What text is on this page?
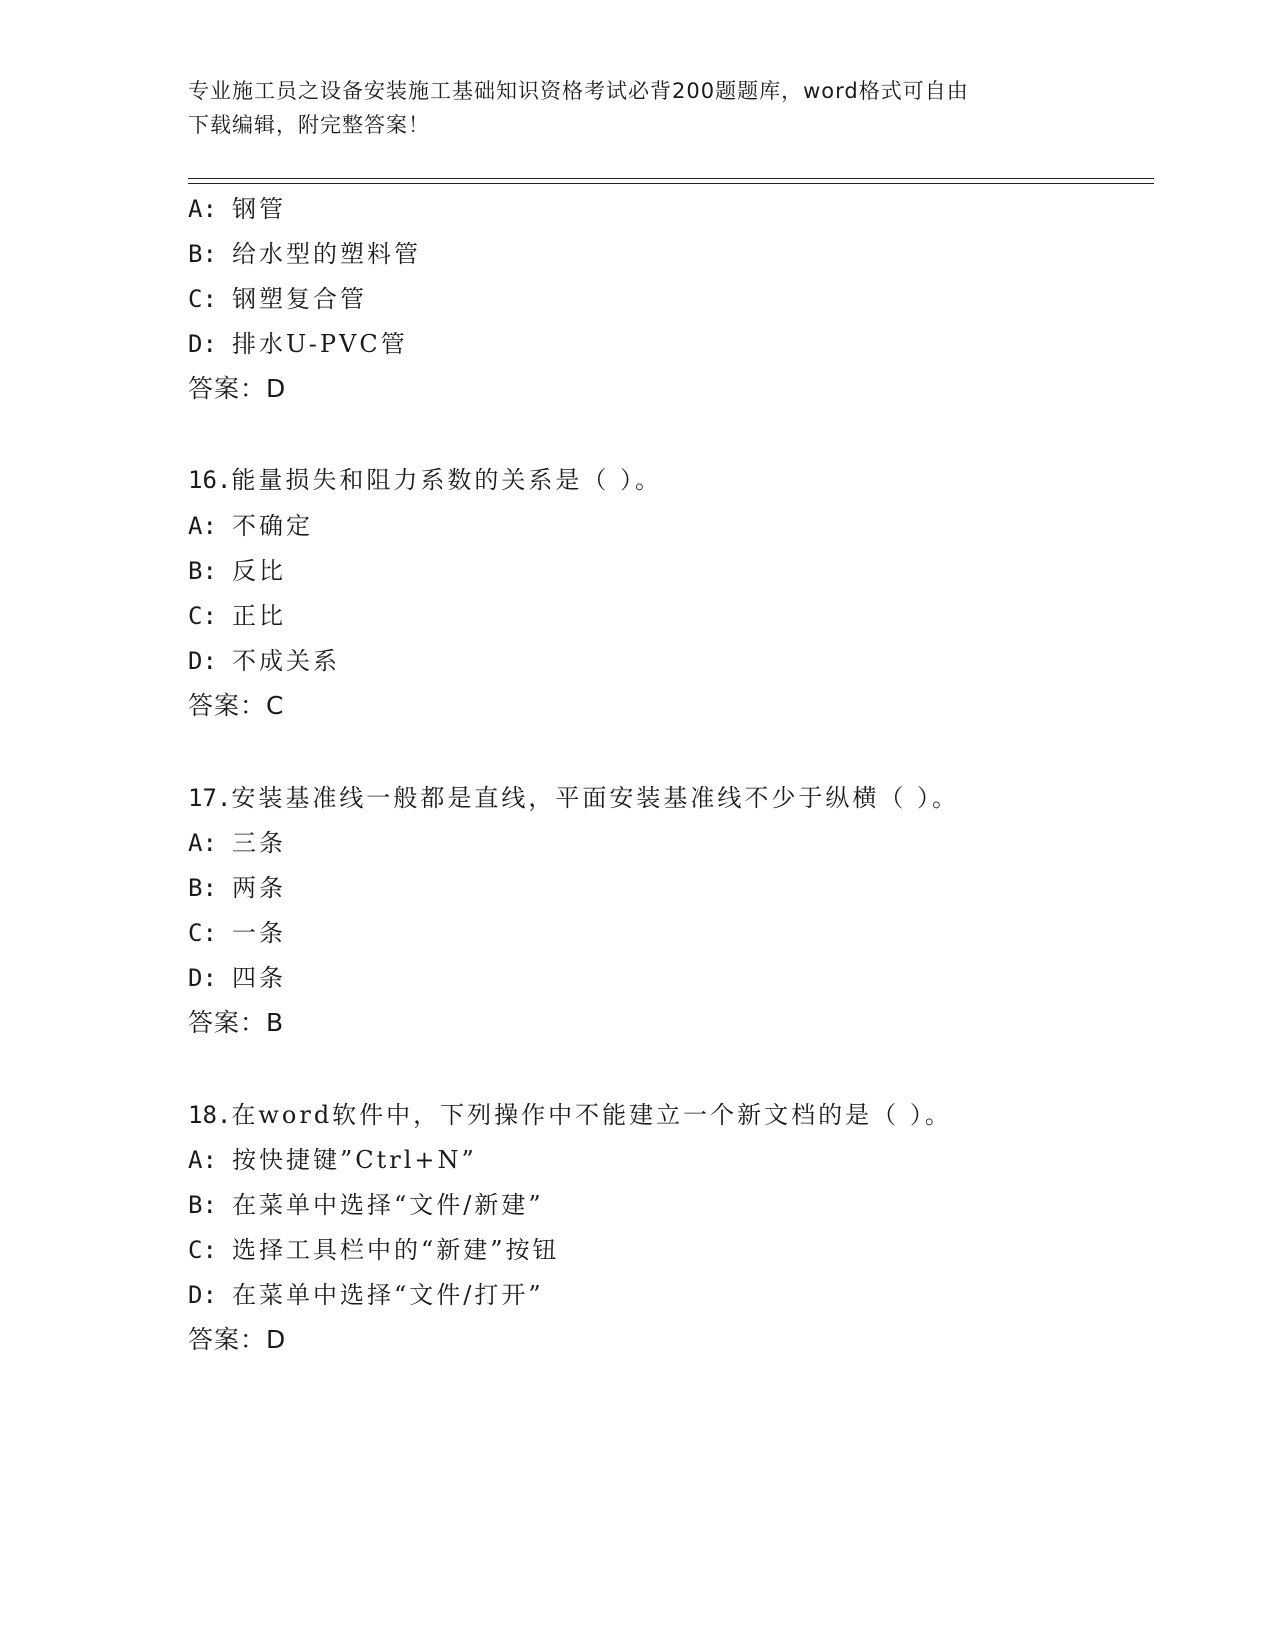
专业施工员之设备安装施工基础知识资格考试必背200题题库，word格式可自由
下载编辑，附完整答案！
A: 钢管
B: 给水型的塑料管
C: 钢塑复合管
D: 排水U-PVC管
答案：D
16.能量损失和阻力系数的关系是（ ）。
A: 不确定
B: 反比
C: 正比
D: 不成关系
答案：C
17.安装基准线一般都是直线，平面安装基准线不少于纵横（ ）。
A: 三条
B: 两条
C: 一条
D: 四条
答案：B
18.在word软件中，下列操作中不能建立一个新文档的是（ ）。
A: 按快捷键”Ctrl+N”
B: 在菜单中选择“文件/新建”
C: 选择工具栏中的“新建”按钮
D: 在菜单中选择“文件/打开”
答案：D
